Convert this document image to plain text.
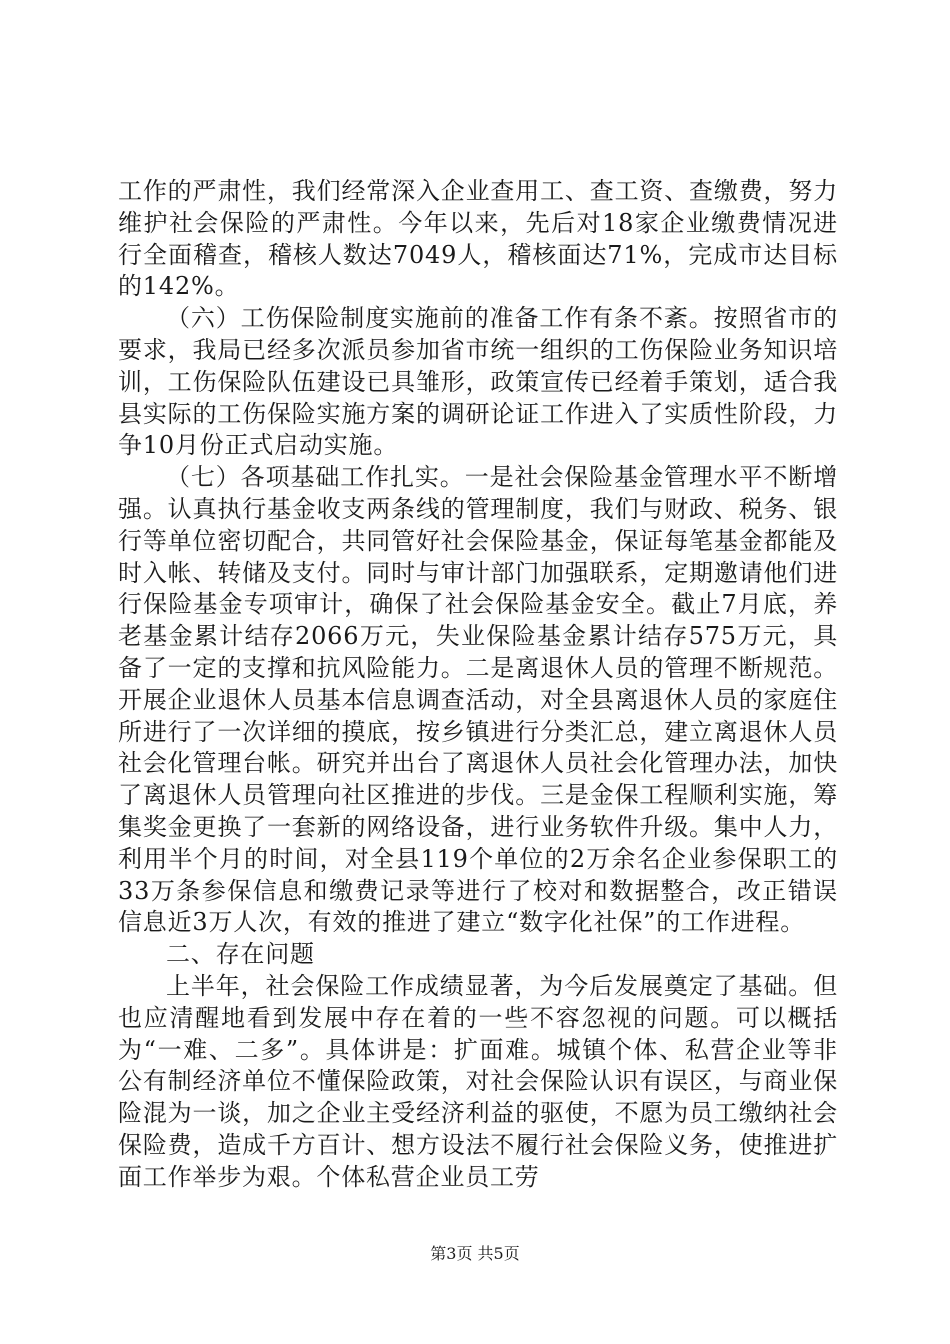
工作的严肃性，我们经常深入企业查用工、查工资、查缴费，努力维护社会保险的严肃性。今年以来，先后对18家企业缴费情况进行全面稽查，稽核人数达7049人，稽核面达71%，完成市达目标的142%。

（六）工伤保险制度实施前的准备工作有条不紊。按照省市的要求，我局已经多次派员参加省市统一组织的工伤保险业务知识培训，工伤保险队伍建设已具雏形，政策宣传已经着手策划，适合我县实际的工伤保险实施方案的调研论证工作进入了实质性阶段，力争10月份正式启动实施。

（七）各项基础工作扎实。一是社会保险基金管理水平不断增强。认真执行基金收支两条线的管理制度，我们与财政、税务、银行等单位密切配合，共同管好社会保险基金，保证每笔基金都能及时入帐、转储及支付。同时与审计部门加强联系，定期邀请他们进行保险基金专项审计，确保了社会保险基金安全。截止7月底，养老基金累计结存2066万元，失业保险基金累计结存575万元，具备了一定的支撑和抗风险能力。二是离退休人员的管理不断规范。开展企业退休人员基本信息调查活动，对全县离退休人员的家庭住所进行了一次详细的摸底，按乡镇进行分类汇总，建立离退休人员社会化管理台帐。研究并出台了离退休人员社会化管理办法，加快了离退休人员管理向社区推进的步伐。三是金保工程顺利实施，筹集奖金更换了一套新的网络设备，进行业务软件升级。集中人力，利用半个月的时间，对全县119个单位的2万余名企业参保职工的33万条参保信息和缴费记录等进行了校对和数据整合，改正错误信息近3万人次，有效的推进了建立“数字化社保”的工作进程。

二、存在问题

上半年，社会保险工作成绩显著，为今后发展奠定了基础。但也应清醒地看到发展中存在着的一些不容忽视的问题。可以概括为“一难、二多”。具体讲是：扩面难。城镇个体、私营企业等非公有制经济单位不懂保险政策，对社会保险认识有误区，与商业保险混为一谈，加之企业主受经济利益的驱使，不愿为员工缴纳社会保险费，造成千方百计、想方设法不履行社会保险义务，使推进扩面工作举步为艰。个体私营企业员工劳

第3页 共5页
